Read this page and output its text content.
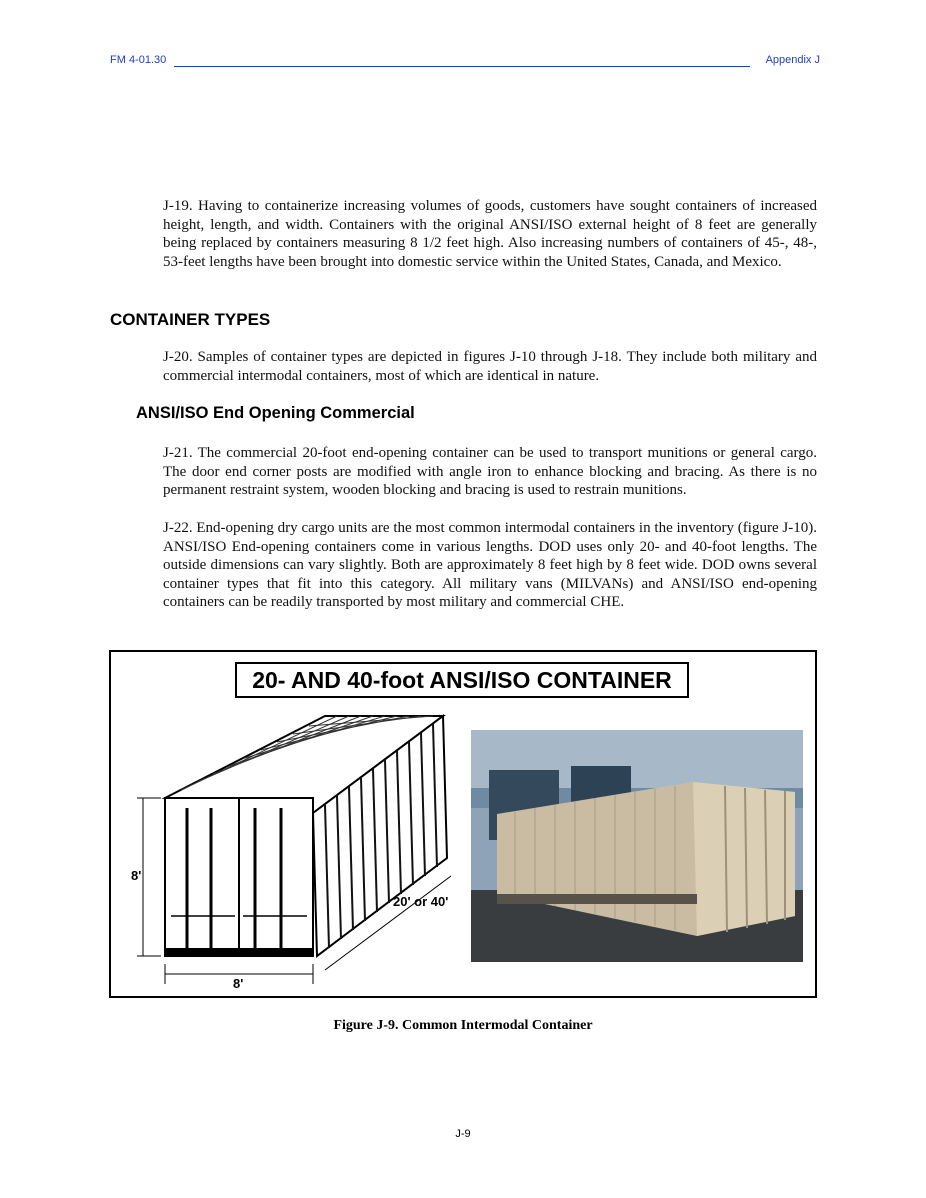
FM 4-01.30	Appendix J

J-19. Having to containerize increasing volumes of goods, customers have sought containers of increased height, length, and width. Containers with the original ANSI/ISO external height of 8 feet are generally being replaced by containers measuring 8 1/2 feet high. Also increasing numbers of containers of 45-, 48-, 53-feet lengths have been brought into domestic service within the United States, Canada, and Mexico.

CONTAINER TYPES

J-20. Samples of container types are depicted in figures J-10 through J-18. They include both military and commercial intermodal containers, most of which are identical in nature.

ANSI/ISO End Opening Commercial

J-21. The commercial 20-foot end-opening container can be used to transport munitions or general cargo. The door end corner posts are modified with angle iron to enhance blocking and bracing. As there is no permanent restraint system, wooden blocking and bracing is used to restrain munitions.

J-22. End-opening dry cargo units are the most common intermodal containers in the inventory (figure J-10). ANSI/ISO End-opening containers come in various lengths. DOD uses only 20- and 40-foot lengths. The outside dimensions can vary slightly. Both are approximately 8 feet high by 8 feet wide. DOD owns several container types that fit into this category. All military vans (MILVANs) and ANSI/ISO end-opening containers can be readily transported by most military and commercial CHE.

20- AND 40-foot ANSI/ISO CONTAINER
8'
8'
20' or 40'
Figure J-9. Common Intermodal Container
J-9
